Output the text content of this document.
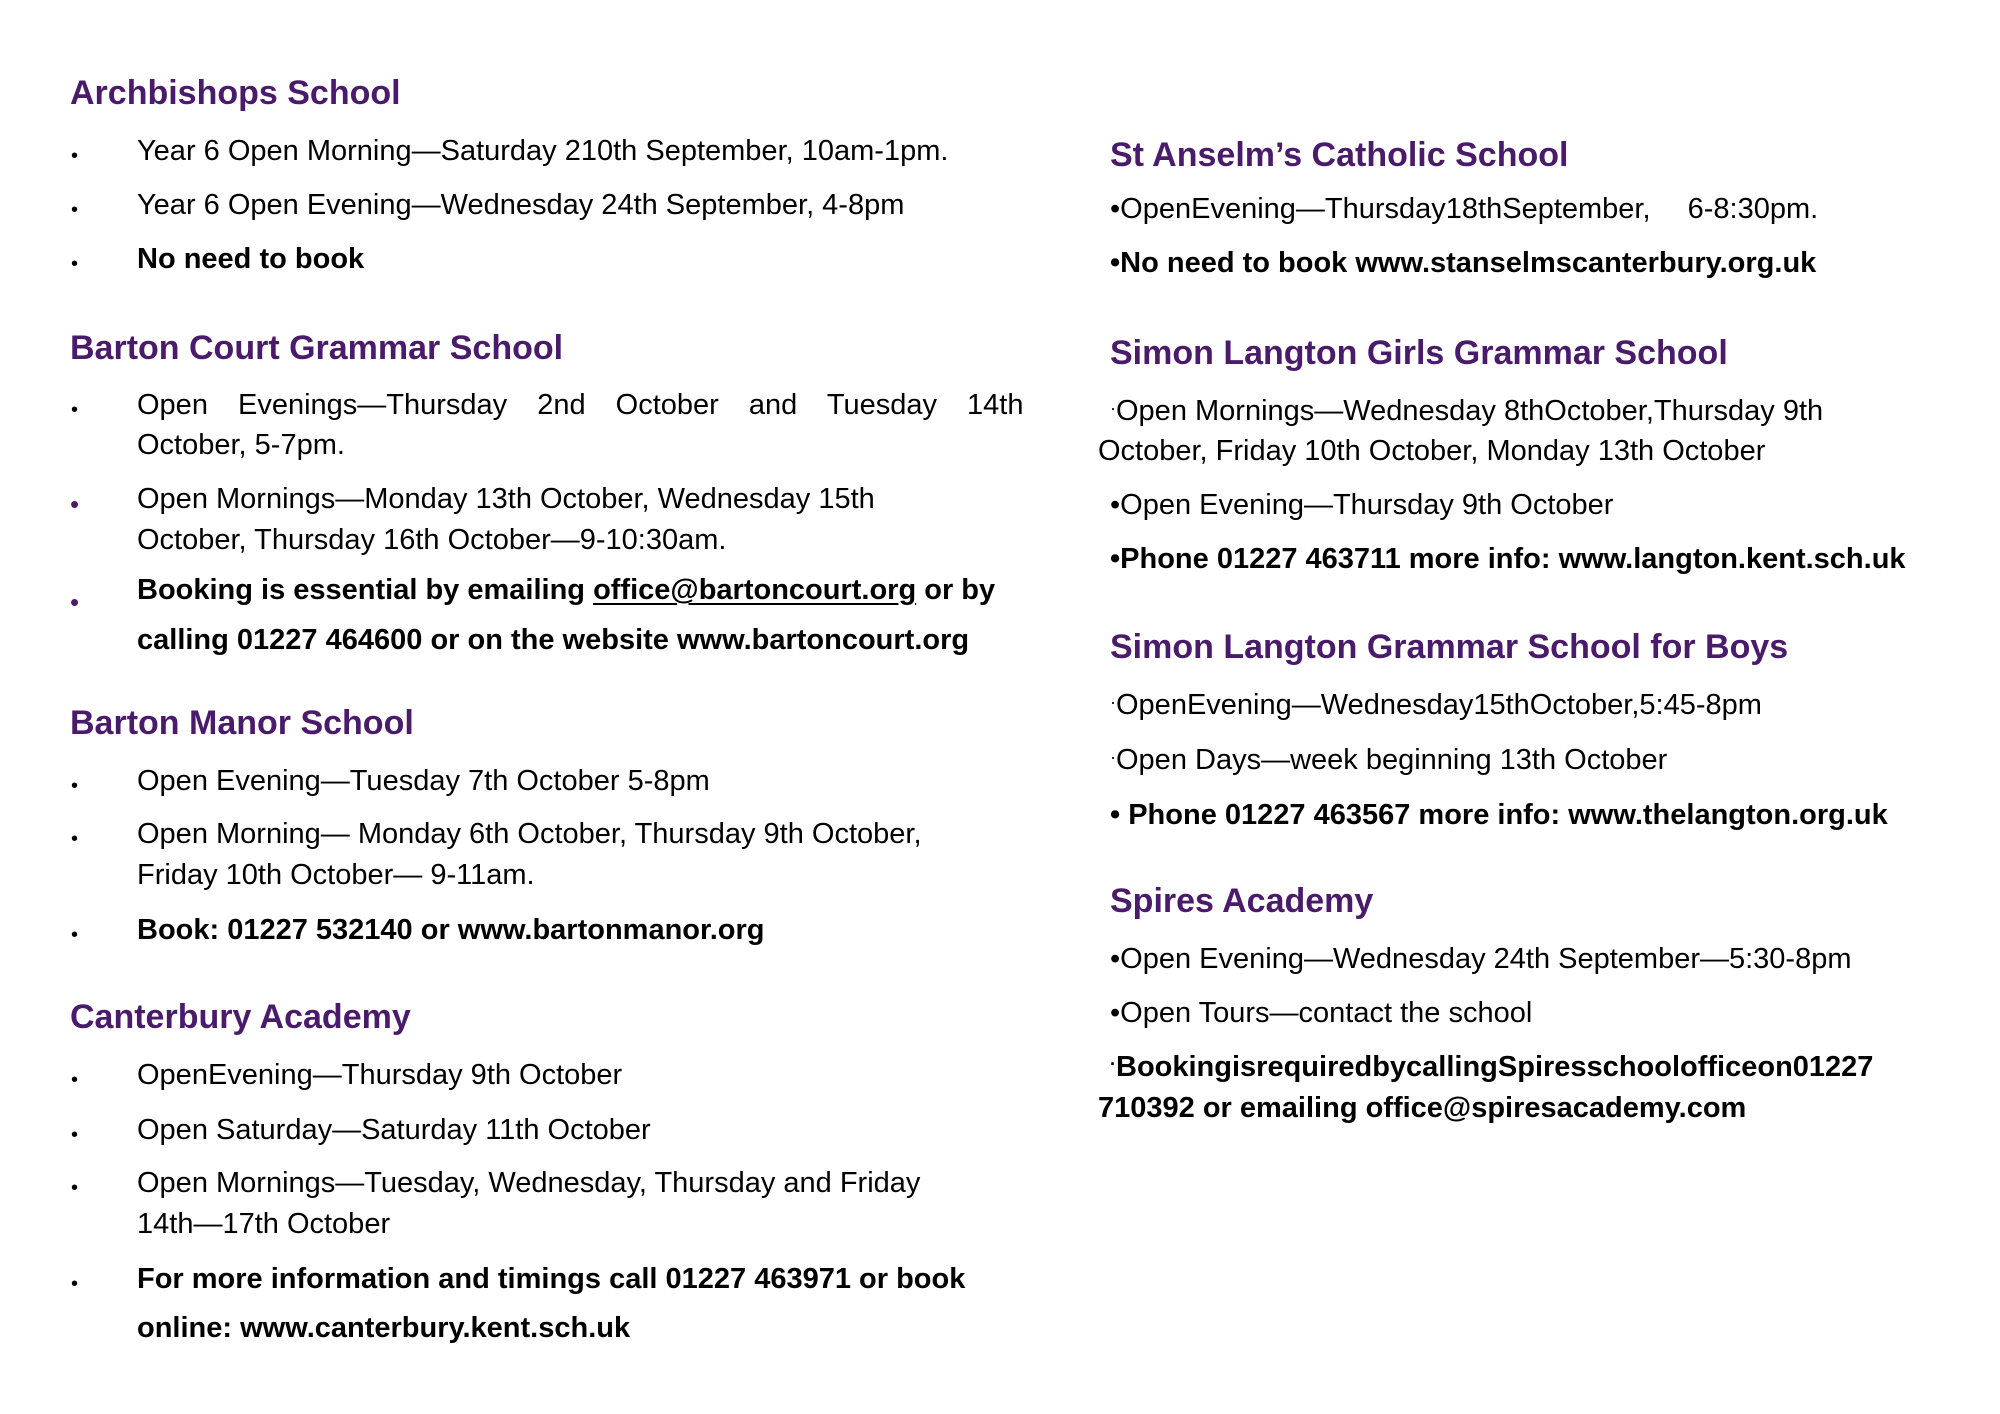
Archbishops School
• Year 6 Open Morning—Saturday 210th September, 10am-1pm.
• Year 6 Open Evening—Wednesday 24th September, 4-8pm
• No need to book
Barton Court Grammar School
• Open Evenings—Thursday 2nd October and Tuesday 14th
October, 5-7pm.
• Open Mornings—Monday 13th October, Wednesday 15th
October, Thursday 16th October—9-10:30am.
• Booking is essential by emailing office@bartoncourt.org or by
calling 01227 464600 or on the website www.bartoncourt.org
Barton Manor School
• Open Evening—Tuesday 7th October 5-8pm
• Open Morning— Monday 6th October, Thursday 9th October,
Friday 10th October— 9-11am.
• Book: 01227 532140 or www.bartonmanor.org
Canterbury Academy
• OpenEvening—Thursday 9th October
• Open Saturday—Saturday 11th October
• Open Mornings—Tuesday, Wednesday, Thursday and Friday
14th—17th October
• For more information and timings call 01227 463971 or book
online: www.canterbury.kent.sch.uk
St Anselm’s Catholic School
•OpenEvening—Thursday18thSeptember,  6-8:30pm.
•No need to book www.stanselmscanterbury.org.uk
Simon Langton Girls Grammar School
·Open Mornings—Wednesday 8thOctober,Thursday 9th
October, Friday 10th October, Monday 13th October
•Open Evening—Thursday 9th October
•Phone 01227 463711 more info: www.langton.kent.sch.uk
Simon Langton Grammar School for Boys
·OpenEvening—Wednesday15thOctober,5:45-8pm
·Open Days—week beginning 13th October
• Phone 01227 463567 more info: www.thelangton.org.uk
Spires Academy
•Open Evening—Wednesday 24th September—5:30-8pm
•Open Tours—contact the school
·BookingisrequiredbycallingSpiresschoolofficeon01227
710392 or emailing office@spiresacademy.com
